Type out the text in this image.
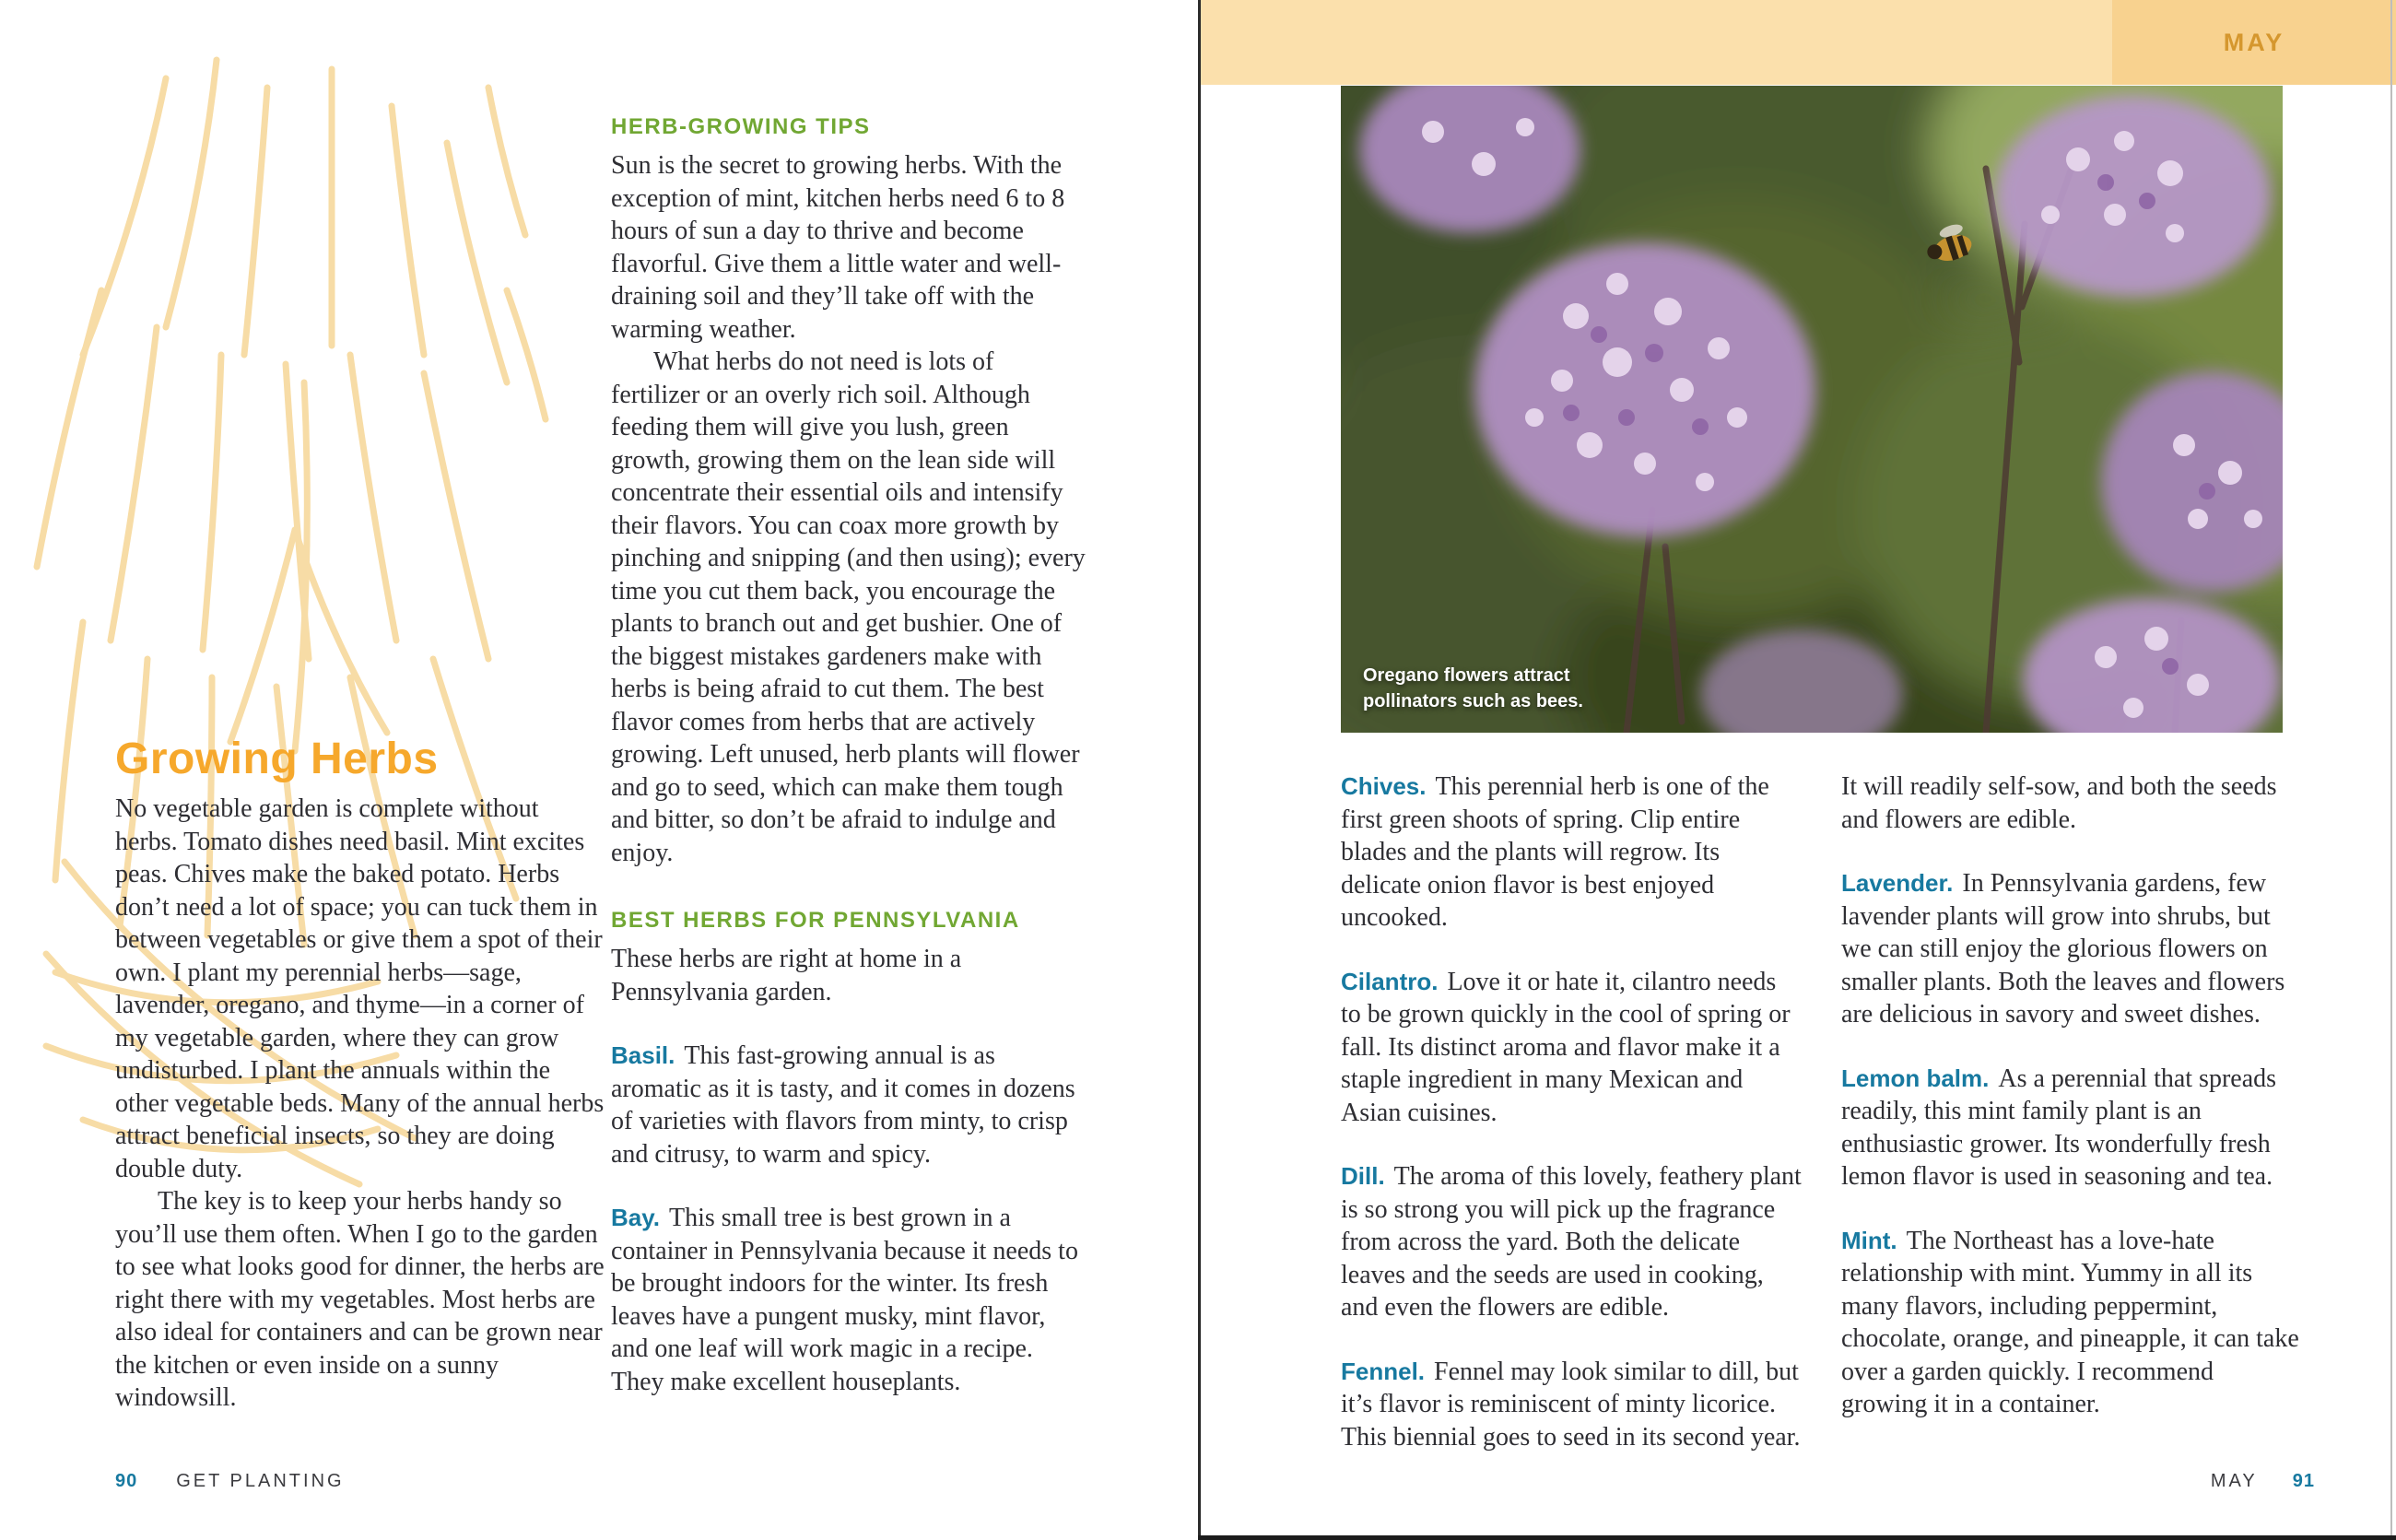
Growing Herbs

No vegetable garden is complete without herbs. Tomato dishes need basil. Mint excites peas. Chives make the baked potato. Herbs don’t need a lot of space; you can tuck them in between vegetables or give them a spot of their own. I plant my perennial herbs—sage, lavender, oregano, and thyme—in a corner of my vegetable garden, where they can grow undisturbed. I plant the annuals within the other vegetable beds. Many of the annual herbs attract beneficial insects, so they are doing double duty.

The key is to keep your herbs handy so you’ll use them often. When I go to the garden to see what looks good for dinner, the herbs are right there with my vegetables. Most herbs are also ideal for containers and can be grown near the kitchen or even inside on a sunny windowsill.

HERB-GROWING TIPS

Sun is the secret to growing herbs. With the exception of mint, kitchen herbs need 6 to 8 hours of sun a day to thrive and become flavorful. Give them a little water and well-draining soil and they’ll take off with the warming weather.

What herbs do not need is lots of fertilizer or an overly rich soil. Although feeding them will give you lush, green growth, growing them on the lean side will concentrate their essential oils and intensify their flavors. You can coax more growth by pinching and snipping (and then using); every time you cut them back, you encourage the plants to branch out and get bushier. One of the biggest mistakes gardeners make with herbs is being afraid to cut them. The best flavor comes from herbs that are actively growing. Left unused, herb plants will flower and go to seed, which can make them tough and bitter, so don’t be afraid to indulge and enjoy.

BEST HERBS FOR PENNSYLVANIA

These herbs are right at home in a Pennsylvania garden.

Basil. This fast-growing annual is as aromatic as it is tasty, and it comes in dozens of varieties with flavors from minty, to crisp and citrusy, to warm and spicy.

Bay. This small tree is best grown in a container in Pennsylvania because it needs to be brought indoors for the winter. Its fresh leaves have a pungent musky, mint flavor, and one leaf will work magic in a recipe. They make excellent houseplants.

90 GET PLANTING
MAY
Oregano flowers attract
pollinators such as bees.

Chives. This perennial herb is one of the first green shoots of spring. Clip entire blades and the plants will regrow. Its delicate onion flavor is best enjoyed uncooked.

Cilantro. Love it or hate it, cilantro needs to be grown quickly in the cool of spring or fall. Its distinct aroma and flavor make it a staple ingredient in many Mexican and Asian cuisines.

Dill. The aroma of this lovely, feathery plant is so strong you will pick up the fragrance from across the yard. Both the delicate leaves and the seeds are used in cooking, and even the flowers are edible.

Fennel. Fennel may look similar to dill, but it’s flavor is reminiscent of minty licorice. This biennial goes to seed in its second year.

It will readily self-sow, and both the seeds and flowers are edible.

Lavender. In Pennsylvania gardens, few lavender plants will grow into shrubs, but we can still enjoy the glorious flowers on smaller plants. Both the leaves and flowers are delicious in savory and sweet dishes.

Lemon balm. As a perennial that spreads readily, this mint family plant is an enthusiastic grower. Its wonderfully fresh lemon flavor is used in seasoning and tea.

Mint. The Northeast has a love-hate relationship with mint. Yummy in all its many flavors, including peppermint, chocolate, orange, and pineapple, it can take over a garden quickly. I recommend growing it in a container.

MAY 91
